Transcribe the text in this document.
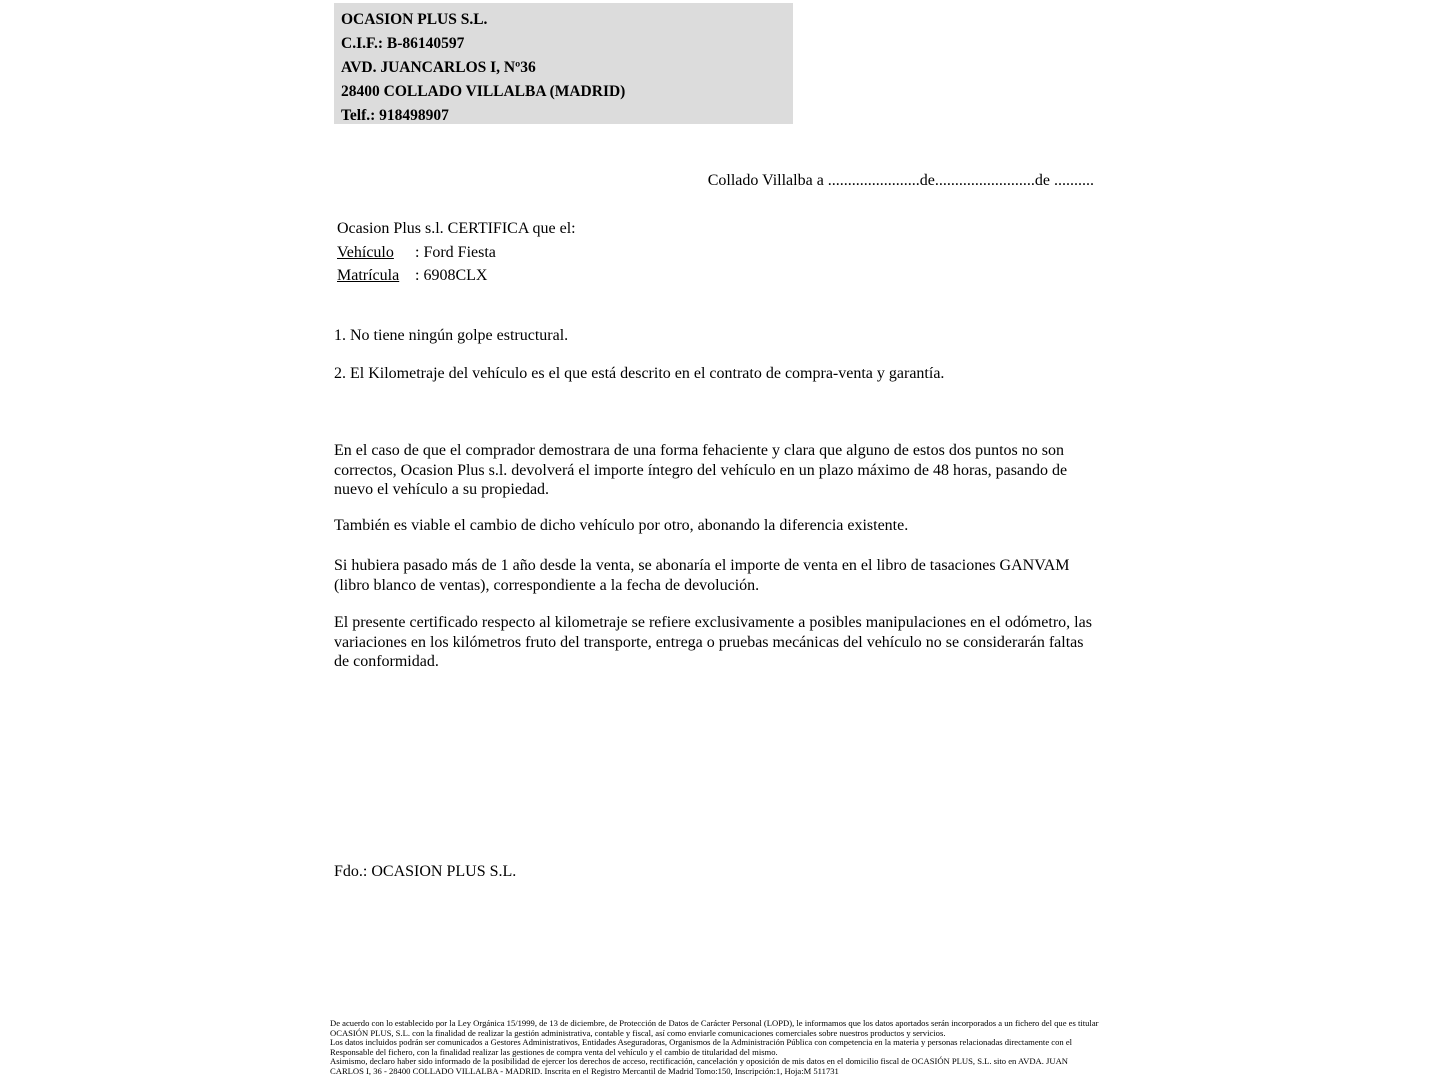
OCASION PLUS S.L.
C.I.F.: B-86140597
AVD. JUANCARLOS I, Nº36
28400 COLLADO VILLALBA (MADRID)
Telf.: 918498907
Collado Villalba a .......................de.........................de ..........
Ocasion Plus s.l. CERTIFICA que el:
Vehículo : Ford Fiesta
Matrícula : 6908CLX
1. No tiene ningún golpe estructural.
2. El Kilometraje del vehículo es el que está descrito en el contrato de compra-venta y garantía.
En el caso de que el comprador demostrara de una forma fehaciente y clara que alguno de estos dos puntos no son correctos, Ocasion Plus s.l. devolverá el importe íntegro del vehículo en un plazo máximo de 48 horas, pasando de nuevo el vehículo a su propiedad.
También es viable el cambio de dicho vehículo por otro, abonando la diferencia existente.
Si hubiera pasado más de 1 año desde la venta, se abonaría el importe de venta en el libro de tasaciones GANVAM (libro blanco de ventas), correspondiente a la fecha de devolución.
El presente certificado respecto al kilometraje se refiere exclusivamente a posibles manipulaciones en el odómetro, las variaciones en los kilómetros fruto del transporte, entrega o pruebas mecánicas del vehículo no se considerarán faltas de conformidad.
Fdo.: OCASION PLUS S.L.

De acuerdo con lo establecido por la Ley Orgánica 15/1999, de 13 de diciembre, de Protección de Datos de Carácter Personal (LOPD), le informamos que los datos aportados serán incorporados a un fichero del que es titular OCASIÓN PLUS, S.L. con la finalidad de realizar la gestión administrativa, contable y fiscal, así como enviarle comunicaciones comerciales sobre nuestros productos y servicios.

Los datos incluidos podrán ser comunicados a Gestores Administrativos, Entidades Aseguradoras, Organismos de la Administración Pública con competencia en la materia y personas relacionadas directamente con el Responsable del fichero, con la finalidad realizar las gestiones de compra venta del vehículo y el cambio de titularidad del mismo.

Asimismo, declaro haber sido informado de la posibilidad de ejercer los derechos de acceso, rectificación, cancelación y oposición de mis datos en el domicilio fiscal de OCASIÓN PLUS, S.L. sito en AVDA. JUAN CARLOS I, 36 - 28400 COLLADO VILLALBA - MADRID. Inscrita en el Registro Mercantil de Madrid Tomo:150, Inscripción:1, Hoja:M 511731
